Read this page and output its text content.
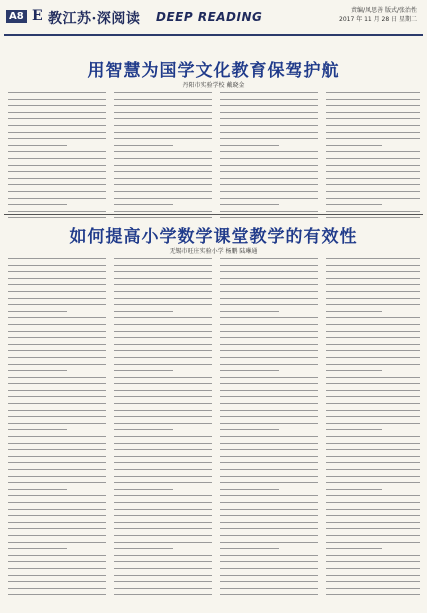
A8 E 教江苏·深阅读 DEEP READING	责编/凤思善 版式/张治性
2017 年 11 月 28 日 星期二
用智慧为国学文化教育保驾护航
丹阳市实验学校 戴晓金
如何提高小学数学课堂教学的有效性
无锡市旺庄实验小学 杨鹏 陆琳通
